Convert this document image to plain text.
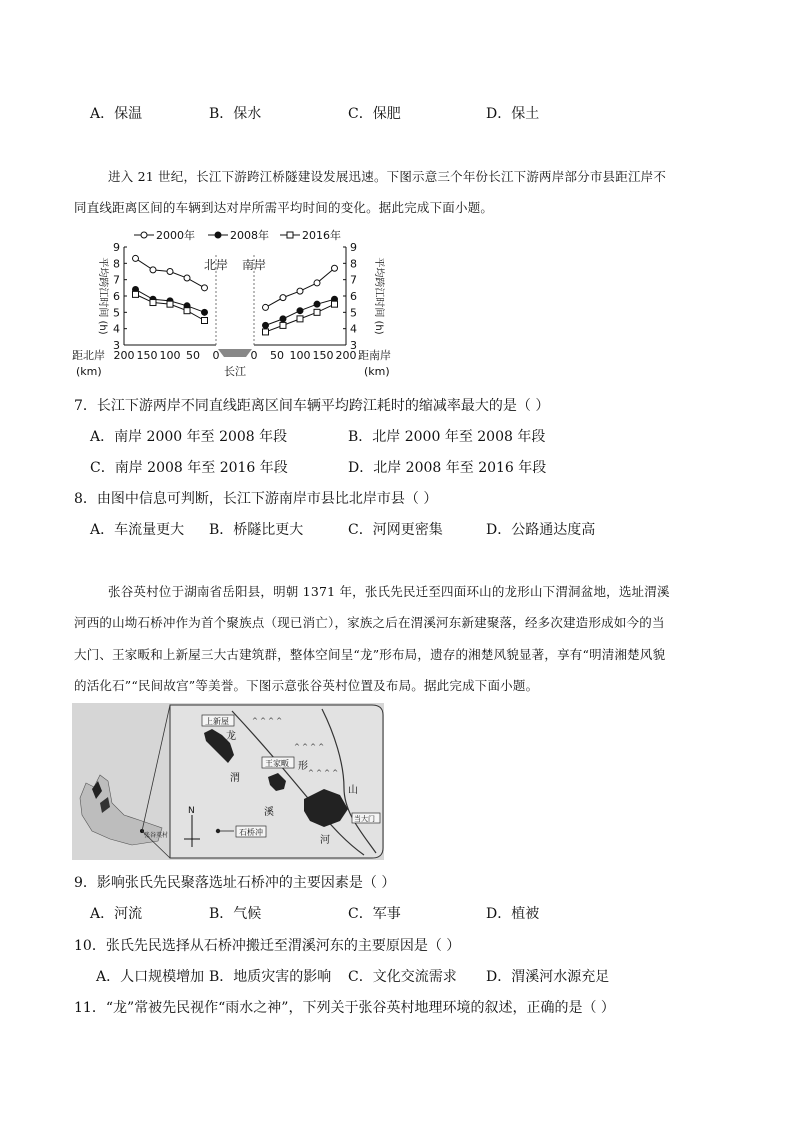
A．保温	B．保水	C．保肥	D．保土
进入 21 世纪，长江下游跨江桥隧建设发展迅速。下图示意三个年份长江下游两岸部分市县距江岸不
同直线距离区间的车辆到达对岸所需平均时间的变化。据此完成下面小题。
3	3
4	4
5	5
6	6
7	7
8	8
9	9
平均跨江时间 (h)	平均跨江时间 (h)
200 150 100 50 0	0 50 100 150 200
距北岸
(km)
距南岸
(km)
北岸 南岸
长江
2000年	2008年	2016年
7．长江下游两岸不同直线距离区间车辆平均跨江耗时的缩减率最大的是（ ）
A．南岸 2000 年至 2008 年段	B．北岸 2000 年至 2008 年段
C．南岸 2008 年至 2016 年段	D．北岸 2008 年至 2016 年段
8．由图中信息可判断，长江下游南岸市县比北岸市县（ ）
A．车流量更大 B．桥隧比更大	C．河网更密集	D．公路通达度高
张谷英村位于湖南省岳阳县，明朝 1371 年，张氏先民迁至四面环山的龙形山下渭洞盆地，选址渭溪
河西的山坳石桥冲作为首个聚族点（现已消亡），家族之后在渭溪河东新建聚落，经多次建造形成如今的当
大门、王家畈和上新屋三大古建筑群，整体空间呈“龙”形布局，遗存的湘楚风貌显著，享有“明清湘楚风貌
的活化石”“民间故宫”等美誉。下图示意张谷英村位置及布局。据此完成下面小题。
张谷英村
^ ^ ^ ^
^ ^ ^ ^
^ ^ ^ ^
上新屋
王家畈
当大门
石桥冲
龙
形
山
渭
溪
河
N
9．影响张氏先民聚落选址石桥冲的主要因素是（ ）
A．河流	B．气候	C．军事	D．植被
10．张氏先民选择从石桥冲搬迁至渭溪河东的主要原因是（ ）
A．人口规模增加 B．地质灾害的影响 C．文化交流需求 D．渭溪河水源充足
11．“龙”常被先民视作“雨水之神”，下列关于张谷英村地理环境的叙述，正确的是（ ）
